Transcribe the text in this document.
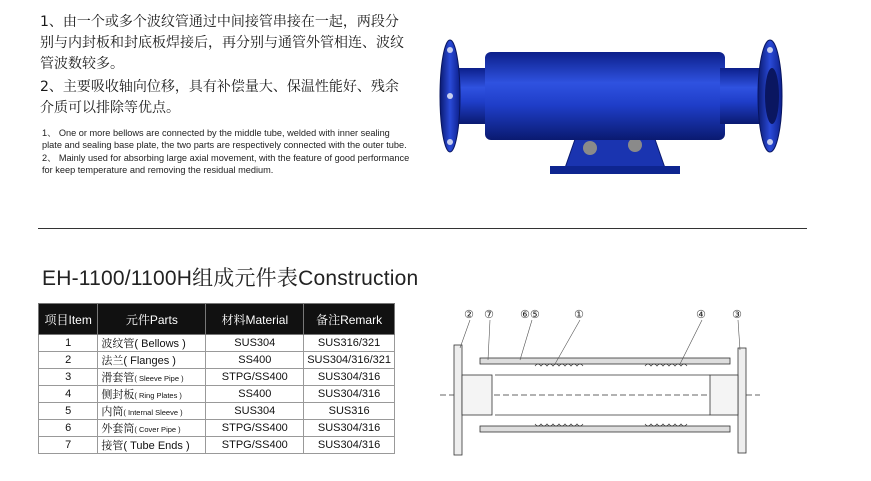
1、由一个或多个波纹管通过中间接管串接在一起，两段分别与内封板和封底板焊接后，再分别与通管外管相连、波纹管波数较多。

2、主要吸收轴向位移，具有补偿量大、保温性能好、残余介质可以排除等优点。

1、 One or more bellows are connected by the middle tube, welded with inner sealing plate and sealing base plate, the two parts are respectively connected with the outer tube.

2、 Mainly used for absorbing large axial movement, with the feature of good performance for keep temperature and removing the residual medium.

EH-1100/1100H组成元件表Construction
项目Item	元件Parts	材料Material	备注Remark
1	波纹管( Bellows )	SUS304	SUS316/321
2	法兰( Flanges )	SS400	SUS304/316/321
3	滑套管( Sleeve Pipe )	STPG/SS400	SUS304/316
4	侧封板( Ring Plates )	SS400	SUS304/316
5	内筒( Internal Sleeve )	SUS304	SUS316
6	外套筒( Cover Pipe )	STPG/SS400	SUS304/316
7	接管( Tube Ends )	STPG/SS400	SUS304/316
② ⑦ ⑥⑤	①	④ ③
